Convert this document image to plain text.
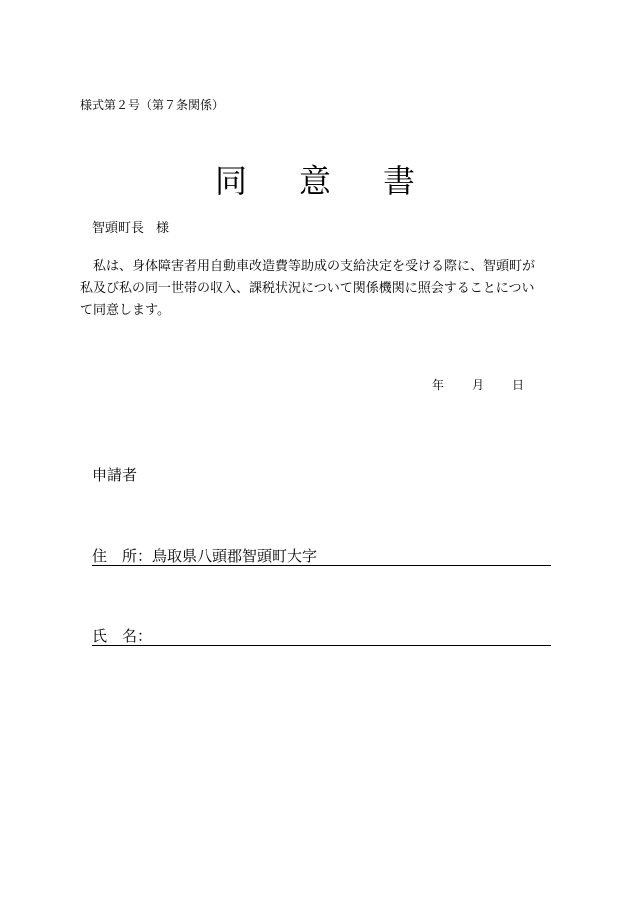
様式第２号（第７条関係）
同 意 書
智頭町長 様
　私は、身体障害者用自動車改造費等助成の支給決定を受ける際に、智頭町が
私及び私の同一世帯の収入、課税状況について関係機関に照会することについ
て同意します。
年 月 日
申請者
住　所：鳥取県八頭郡智頭町大字
氏　名：
